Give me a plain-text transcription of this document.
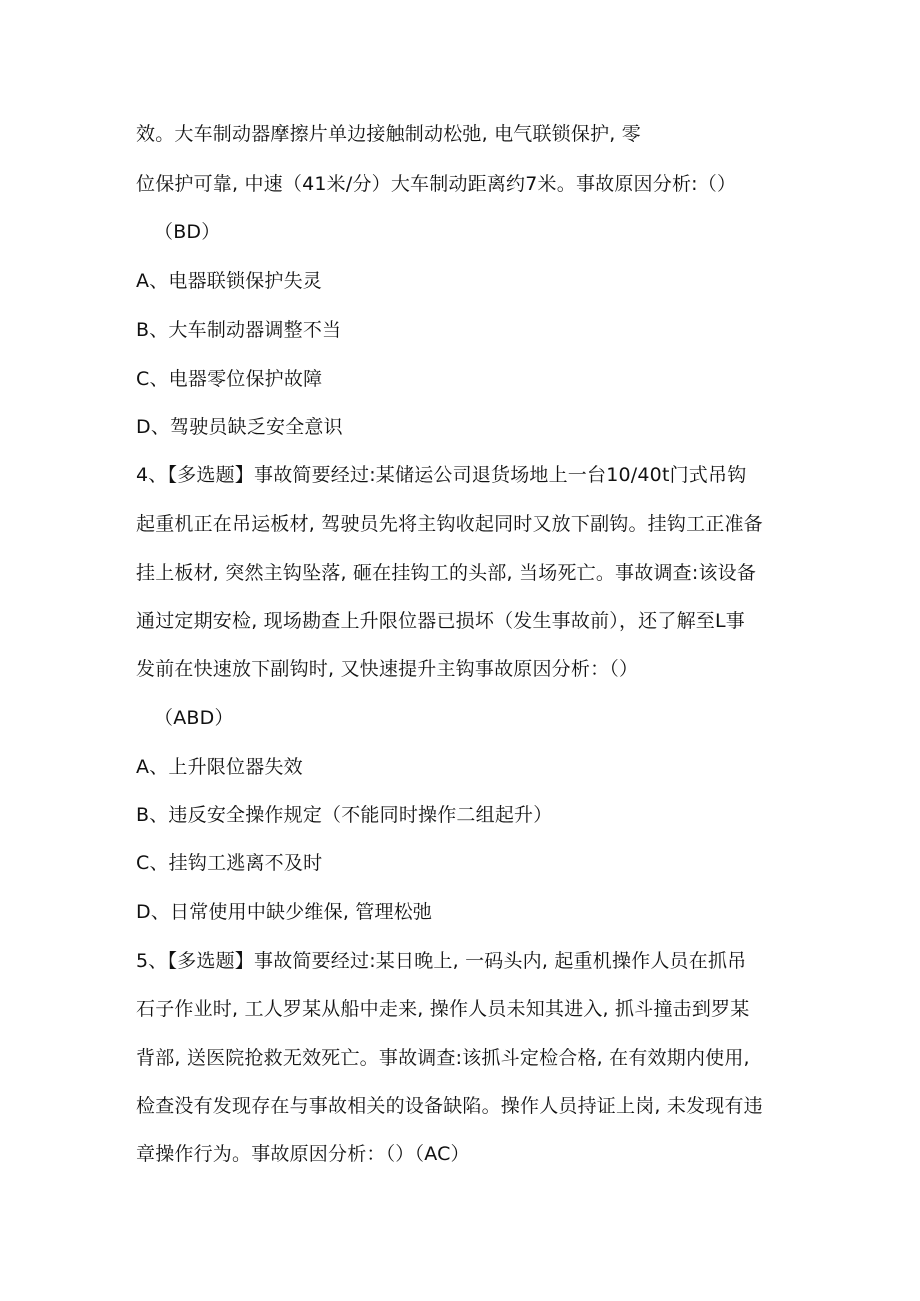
效。大车制动器摩擦片单边接触制动松弛, 电气联锁保护, 零
位保护可靠, 中速（41米/分）大车制动距离约7米。事故原因分析:（）
（BD）
A、电器联锁保护失灵
B、大车制动器调整不当
C、电器零位保护故障
D、驾驶员缺乏安全意识
4、【多选题】事故简要经过:某储运公司退货场地上一台10/40t门式吊钩
起重机正在吊运板材, 驾驶员先将主钩收起同时又放下副钩。挂钩工正准备
挂上板材, 突然主钩坠落, 砸在挂钩工的头部, 当场死亡。事故调查:该设备
通过定期安检, 现场勘查上升限位器已损坏（发生事故前），还了解至L事
发前在快速放下副钩时, 又快速提升主钩事故原因分析：（）
（ABD）
A、上升限位器失效
B、违反安全操作规定（不能同时操作二组起升）
C、挂钩工逃离不及时
D、日常使用中缺少维保, 管理松弛
5、【多选题】事故简要经过:某日晚上, 一码头内, 起重机操作人员在抓吊
石子作业时, 工人罗某从船中走来, 操作人员未知其进入, 抓斗撞击到罗某
背部, 送医院抢救无效死亡。事故调查:该抓斗定检合格, 在有效期内使用,
检查没有发现存在与事故相关的设备缺陷。操作人员持证上岗, 未发现有违
章操作行为。事故原因分析：（）（AC）
